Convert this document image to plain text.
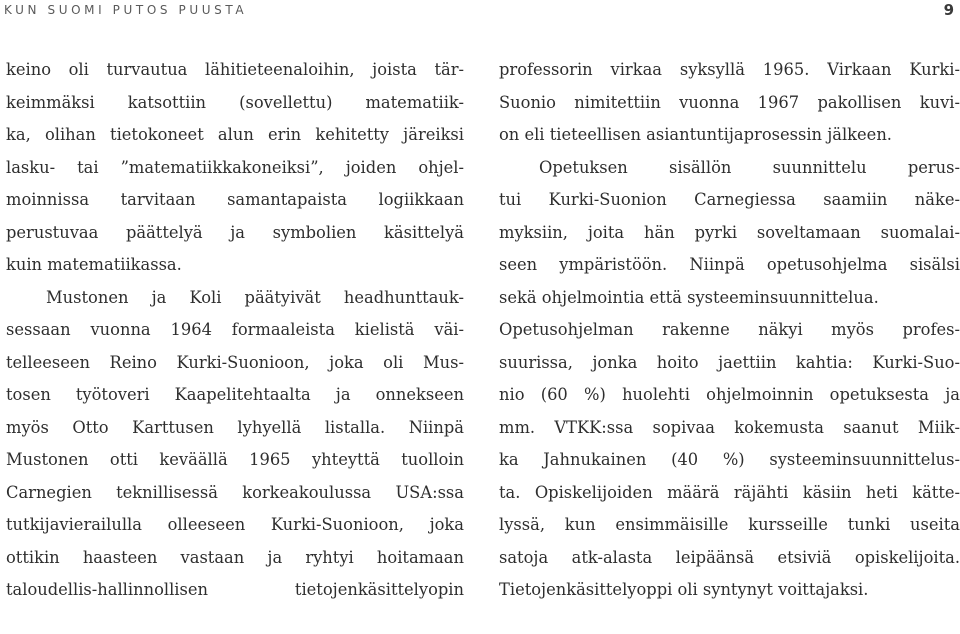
KUN SUOMI PUTOS PUUSTA	9
keino oli turvautua lähitieteenaloihin, joista tär-
keimmäksi katsottiin (sovellettu) matematiik-
ka, olihan tietokoneet alun erin kehitetty järeiksi
lasku- tai ”matematiikkakoneiksi”, joiden ohjel-
moinnissa tarvitaan samantapaista logiikkaan
perustuvaa päättelyä ja symbolien käsittelyä
kuin matematiikassa.
Mustonen ja Koli päätyivät headhunttauk-
sessaan vuonna 1964 formaaleista kielistä väi-
telleeseen Reino Kurki-Suonioon, joka oli Mus-
tosen työtoveri Kaapelitehtaalta ja onnekseen
myös Otto Karttusen lyhyellä listalla. Niinpä
Mustonen otti keväällä 1965 yhteyttä tuolloin
Carnegien teknillisessä korkeakoulussa USA:ssa
tutkijavierailulla olleeseen Kurki-Suonioon, joka
ottikin haasteen vastaan ja ryhtyi hoitamaan
taloudellis-hallinnollisen tietojenkäsittelyopin
professorin virkaa syksyllä 1965. Virkaan Kurki-
Suonio nimitettiin vuonna 1967 pakollisen kuvi-
on eli tieteellisen asiantuntijaprosessin jälkeen.
Opetuksen sisällön suunnittelu perus-
tui Kurki-Suonion Carnegiessa saamiin näke-
myksiin, joita hän pyrki soveltamaan suomalai-
seen ympäristöön. Niinpä opetusohjelma sisälsi
sekä ohjelmointia että systeeminsuunnittelua.
Opetusohjelman rakenne näkyi myös profes-
suurissa, jonka hoito jaettiin kahtia: Kurki-Suo-
nio (60 %) huolehti ohjelmoinnin opetuksesta ja
mm. VTKK:ssa sopivaa kokemusta saanut Miik-
ka Jahnukainen (40 %) systeeminsuunnittelus-
ta. Opiskelijoiden määrä räjähti käsiin heti kätte-
lyssä, kun ensimmäisille kursseille tunki useita
satoja atk-alasta leipäänsä etsiviä opiskelijoita.
Tietojenkäsittelyoppi oli syntynyt voittajaksi.
